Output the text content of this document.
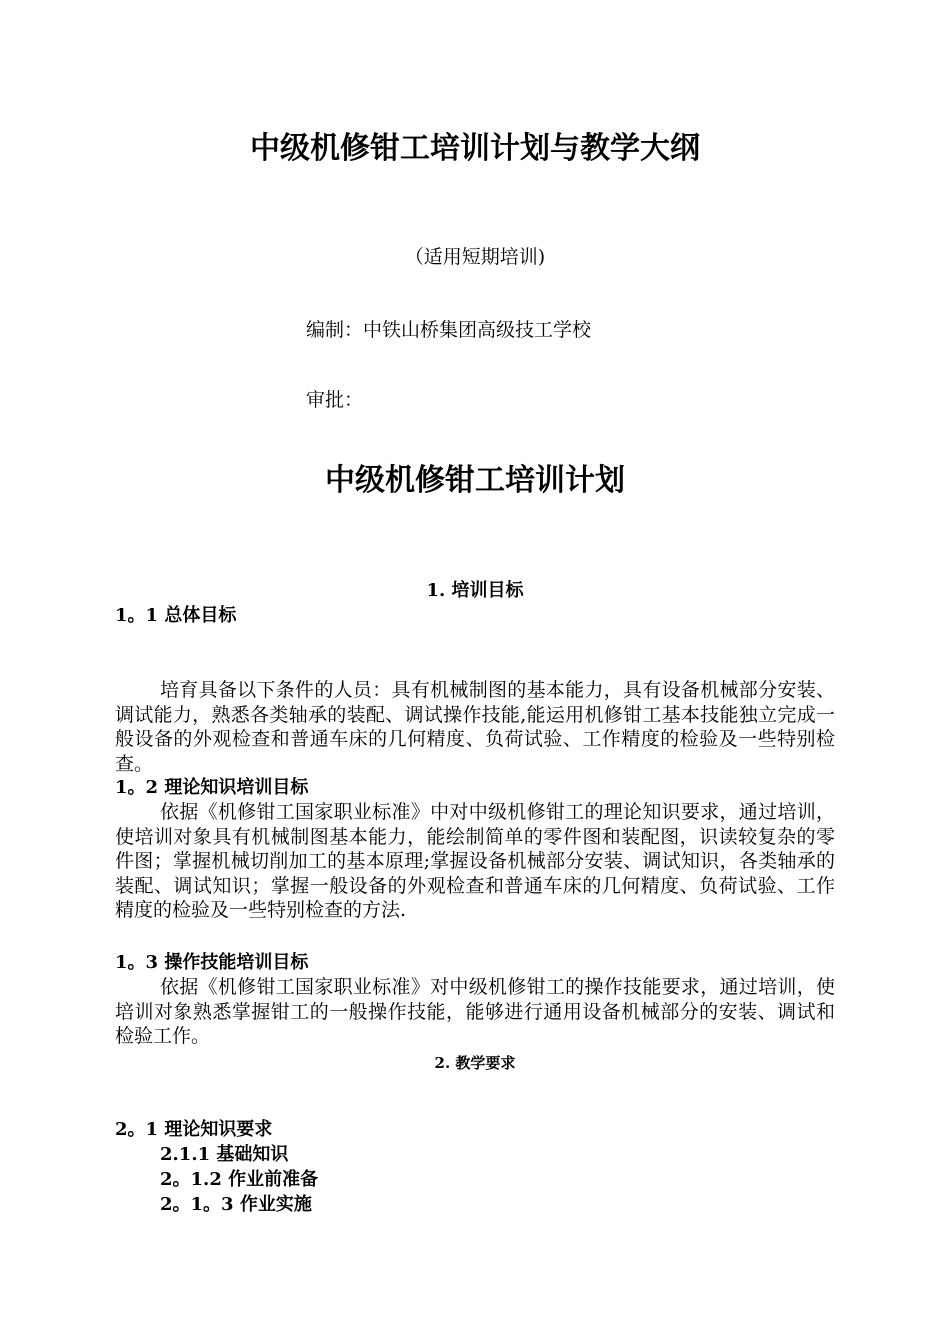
中级机修钳工培训计划与教学大纲
（适用短期培训)
编制：中铁山桥集团高级技工学校
审批：
中级机修钳工培训计划
1. 培训目标
1。1 总体目标

培育具备以下条件的人员：具有机械制图的基本能力，具有设备机械部分安装、调试能力，熟悉各类轴承的装配、调试操作技能,能运用机修钳工基本技能独立完成一般设备的外观检查和普通车床的几何精度、负荷试验、工作精度的检验及一些特别检查。

1。2 理论知识培训目标

依据《机修钳工国家职业标准》中对中级机修钳工的理论知识要求，通过培训，使培训对象具有机械制图基本能力，能绘制简单的零件图和装配图，识读较复杂的零件图；掌握机械切削加工的基本原理;掌握设备机械部分安装、调试知识，各类轴承的装配、调试知识；掌握一般设备的外观检查和普通车床的几何精度、负荷试验、工作精度的检验及一些特别检查的方法.

1。3 操作技能培训目标

依据《机修钳工国家职业标准》对中级机修钳工的操作技能要求，通过培训，使培训对象熟悉掌握钳工的一般操作技能，能够进行通用设备机械部分的安装、调试和检验工作。

2. 教学要求
2。1 理论知识要求
2.1.1 基础知识
2。1.2 作业前准备
2。1。3 作业实施
